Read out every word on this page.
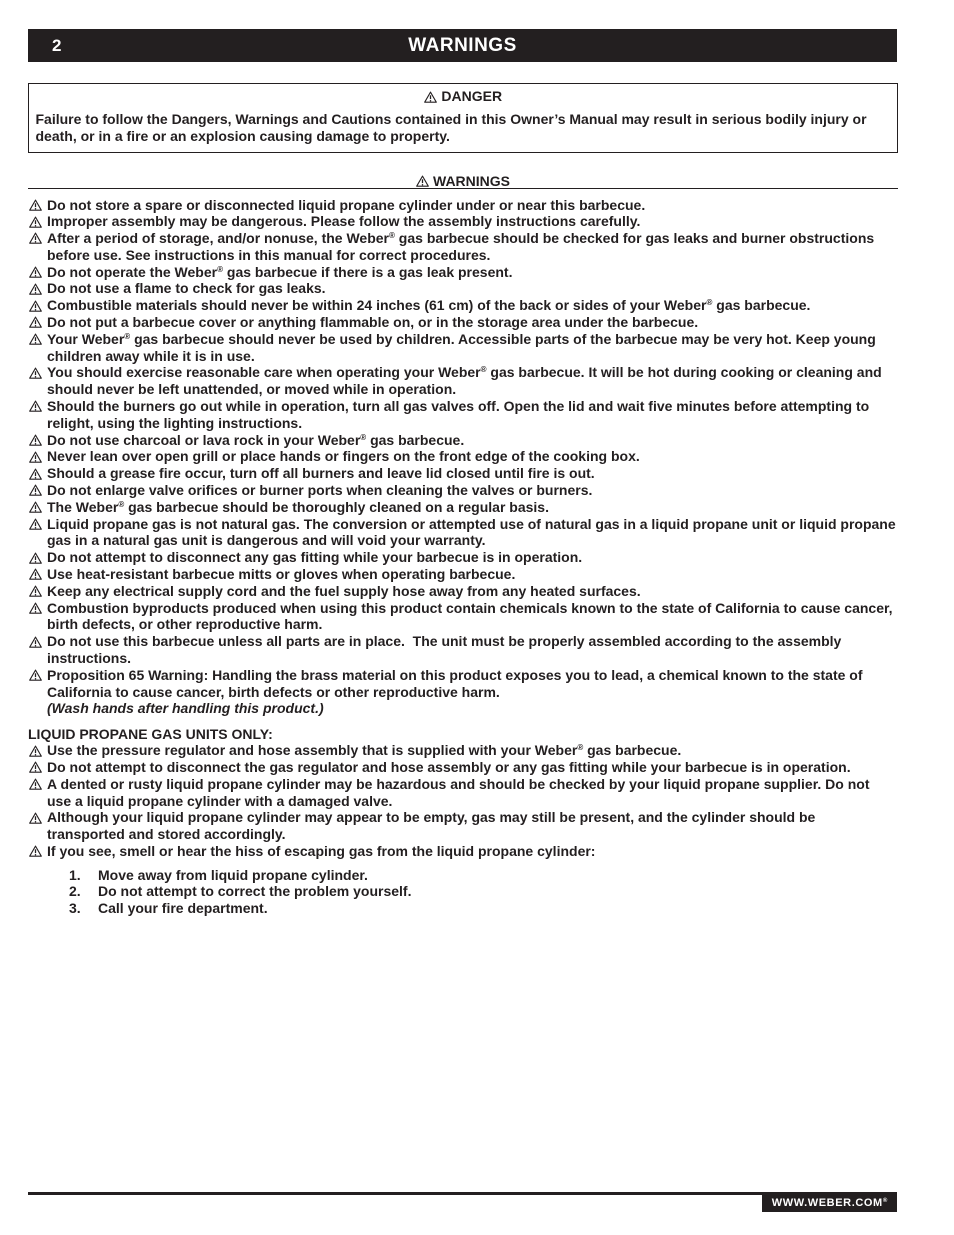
2	WARNINGS
DANGER
Failure to follow the Dangers, Warnings and Cautions contained in this Owner’s Manual may result in serious bodily injury or
death, or in a fire or an explosion causing damage to property.
WARNINGS
Do not store a spare or disconnected liquid propane cylinder under or near this barbecue.
Improper assembly may be dangerous. Please follow the assembly instructions carefully.
After a period of storage, and/or nonuse, the Weber® gas barbecue should be checked for gas leaks and burner obstructions
before use. See instructions in this manual for correct procedures.
Do not operate the Weber® gas barbecue if there is a gas leak present.
Do not use a flame to check for gas leaks.
Combustible materials should never be within 24 inches (61 cm) of the back or sides of your Weber® gas barbecue.
Do not put a barbecue cover or anything flammable on, or in the storage area under the barbecue.
Your Weber® gas barbecue should never be used by children. Accessible parts of the barbecue may be very hot. Keep young
children away while it is in use.
You should exercise reasonable care when operating your Weber® gas barbecue. It will be hot during cooking or cleaning and
should never be left unattended, or moved while in operation.
Should the burners go out while in operation, turn all gas valves off. Open the lid and wait five minutes before attempting to
relight, using the lighting instructions.
Do not use charcoal or lava rock in your Weber® gas barbecue.
Never lean over open grill or place hands or fingers on the front edge of the cooking box.
Should a grease fire occur, turn off all burners and leave lid closed until fire is out.
Do not enlarge valve orifices or burner ports when cleaning the valves or burners.
The Weber® gas barbecue should be thoroughly cleaned on a regular basis.
Liquid propane gas is not natural gas. The conversion or attempted use of natural gas in a liquid propane unit or liquid propane
gas in a natural gas unit is dangerous and will void your warranty.
Do not attempt to disconnect any gas fitting while your barbecue is in operation.
Use heat-resistant barbecue mitts or gloves when operating barbecue.
Keep any electrical supply cord and the fuel supply hose away from any heated surfaces.
Combustion byproducts produced when using this product contain chemicals known to the state of California to cause cancer,
birth defects, or other reproductive harm.
Do not use this barbecue unless all parts are in place.  The unit must be properly assembled according to the assembly
instructions.
Proposition 65 Warning: Handling the brass material on this product exposes you to lead, a chemical known to the state of
California to cause cancer, birth defects or other reproductive harm.
(Wash hands after handling this product.)
LIQUID PROPANE GAS UNITS ONLY:
Use the pressure regulator and hose assembly that is supplied with your Weber® gas barbecue.
Do not attempt to disconnect the gas regulator and hose assembly or any gas fitting while your barbecue is in operation.
A dented or rusty liquid propane cylinder may be hazardous and should be checked by your liquid propane supplier. Do not
use a liquid propane cylinder with a damaged valve.
Although your liquid propane cylinder may appear to be empty, gas may still be present, and the cylinder should be
transported and stored accordingly.
If you see, smell or hear the hiss of escaping gas from the liquid propane cylinder:
1.	Move away from liquid propane cylinder.
2.	Do not attempt to correct the problem yourself.
3.	Call your fire department.
WWW.WEBER.COM®
